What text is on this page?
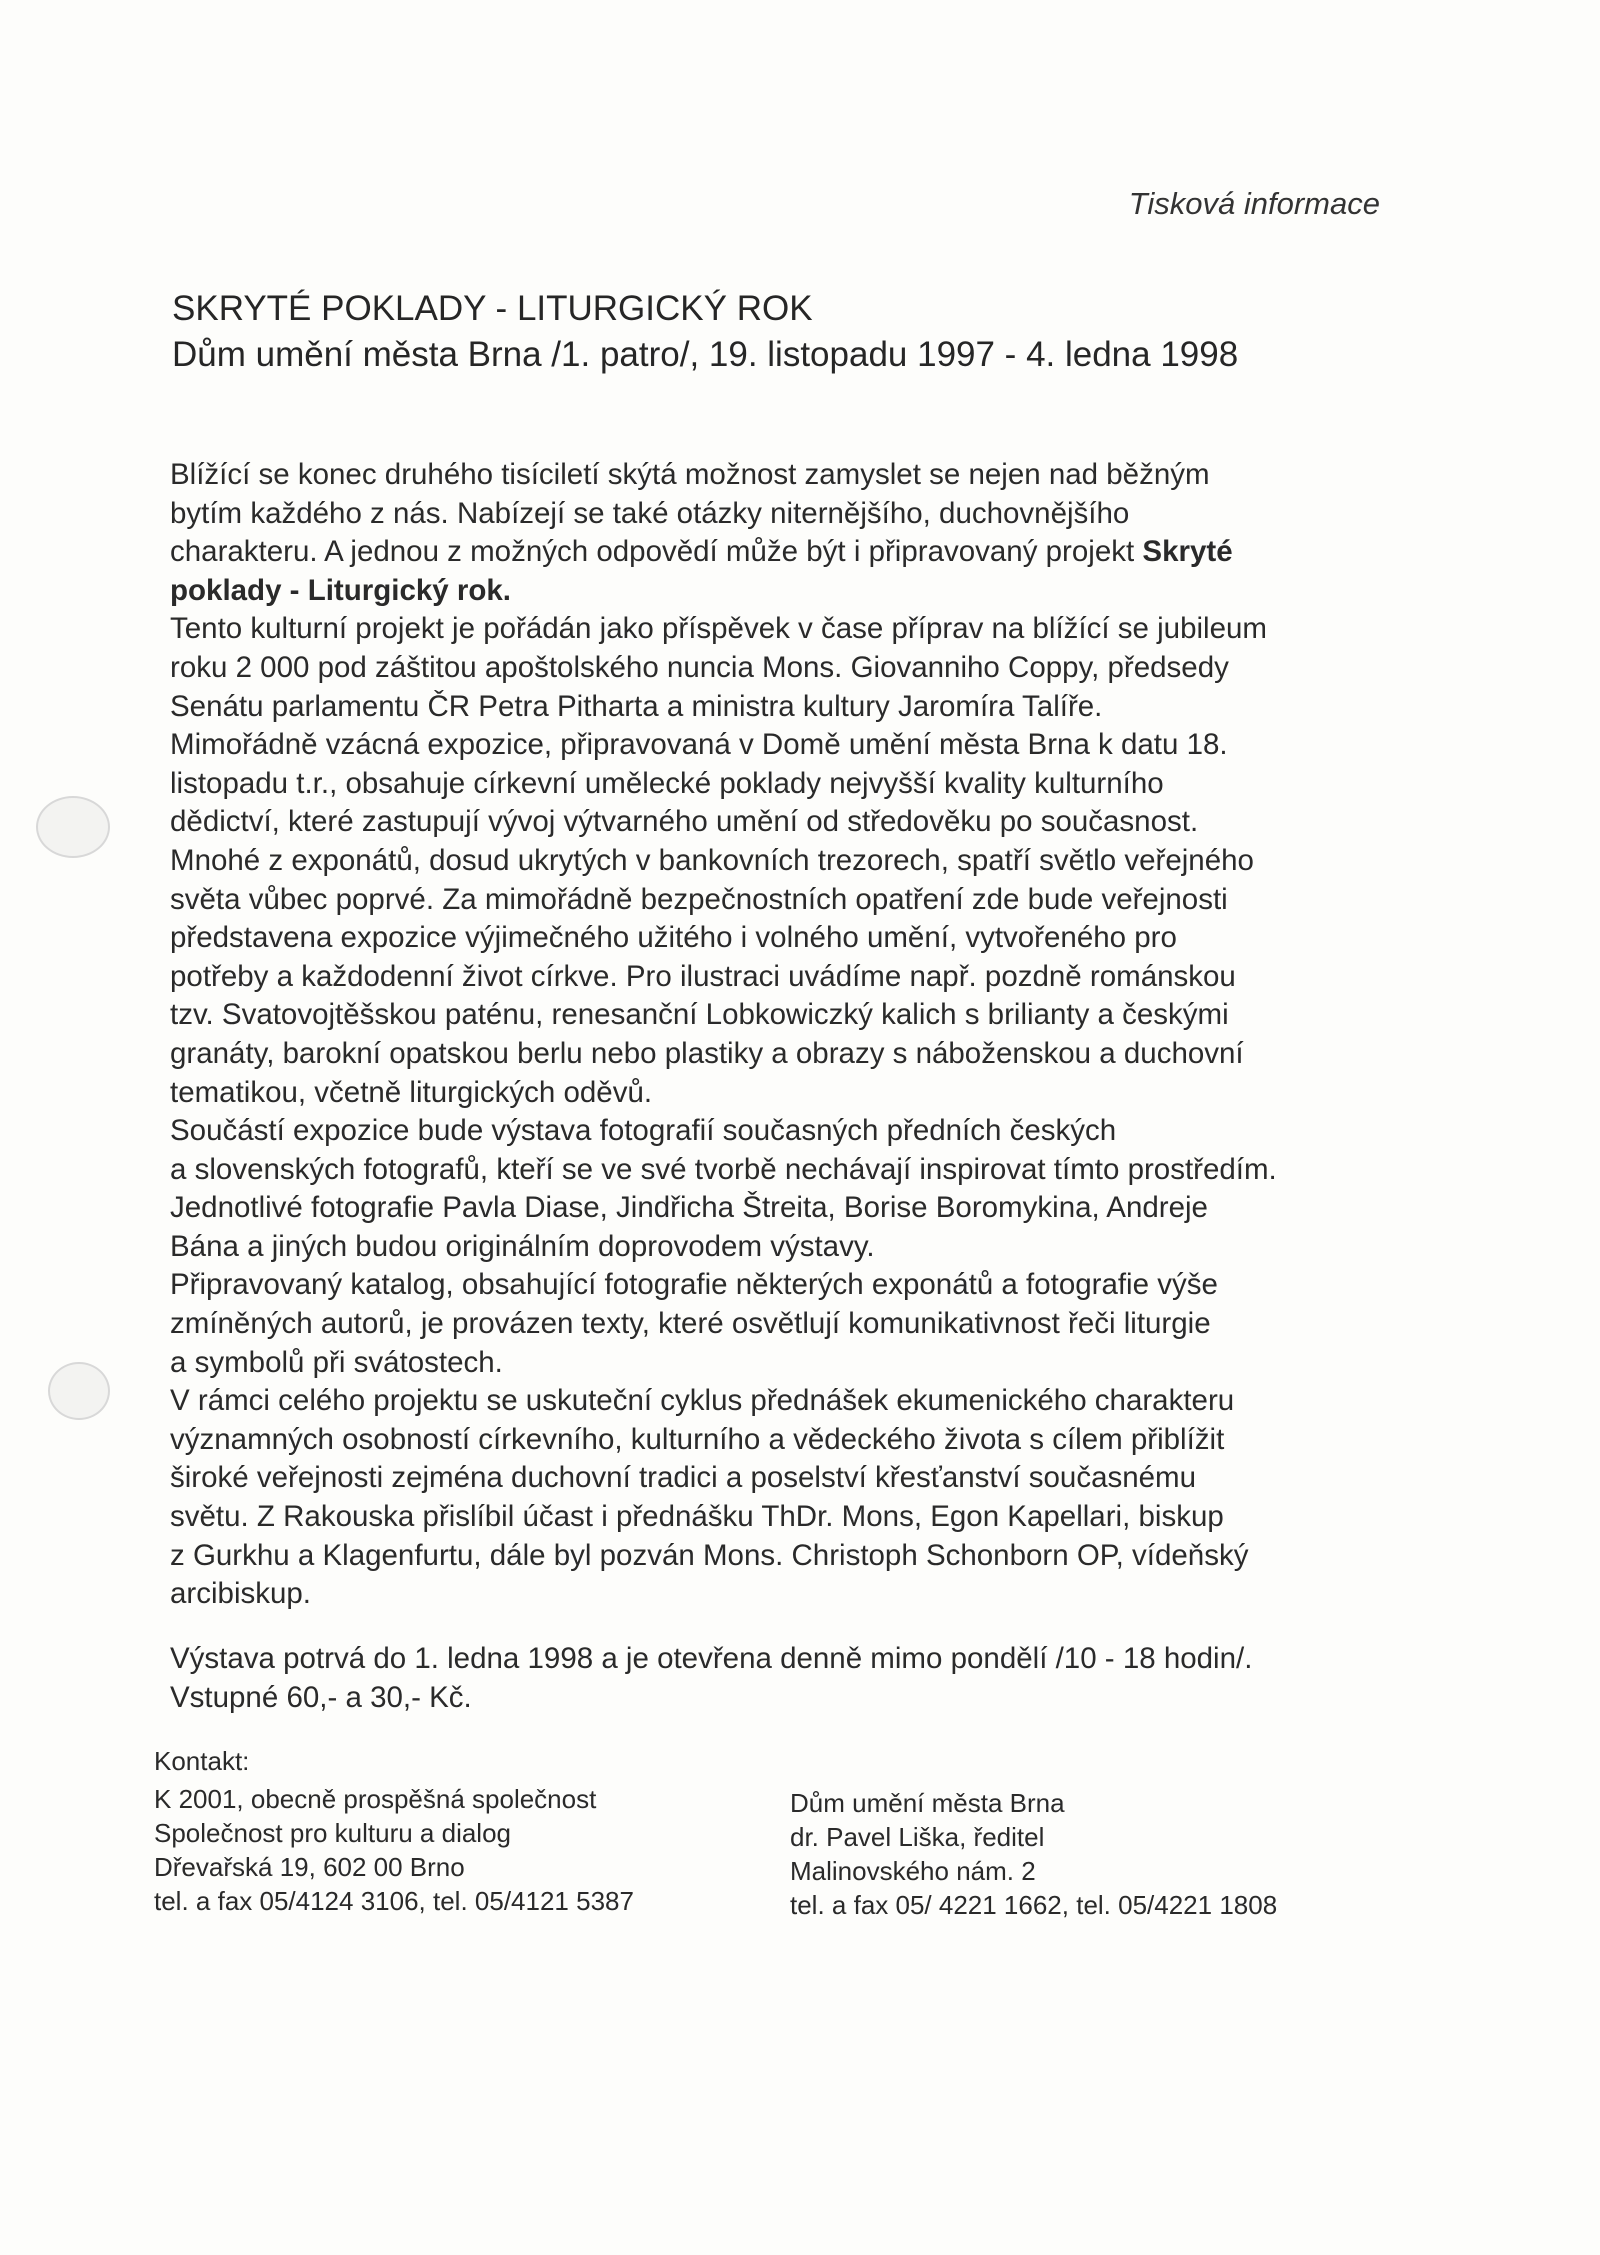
Tisková informace
SKRYTÉ POKLADY - LITURGICKÝ ROK
Dům umění města Brna /1. patro/, 19. listopadu 1997 - 4. ledna 1998
Blížící se konec druhého tisíciletí skýtá možnost zamyslet se nejen nad běžným
bytím každého z nás. Nabízejí se také otázky niternějšího, duchovnějšího
charakteru. A jednou z možných odpovědí může být i připravovaný projekt Skryté
poklady - Liturgický rok.
Tento kulturní projekt je pořádán jako příspěvek v čase příprav na blížící se jubileum
roku 2 000 pod záštitou apoštolského nuncia Mons. Giovanniho Coppy, předsedy
Senátu parlamentu ČR Petra Pitharta a ministra kultury Jaromíra Talíře.
Mimořádně vzácná expozice, připravovaná v Domě umění města Brna k datu 18.
listopadu t.r., obsahuje církevní umělecké poklady nejvyšší kvality kulturního
dědictví, které zastupují vývoj výtvarného umění od středověku po současnost.
Mnohé z exponátů, dosud ukrytých v bankovních trezorech, spatří světlo veřejného
světa vůbec poprvé. Za mimořádně bezpečnostních opatření zde bude veřejnosti
představena expozice výjimečného užitého i volného umění, vytvořeného pro
potřeby a každodenní život církve. Pro ilustraci uvádíme např. pozdně románskou
tzv. Svatovojtěšskou paténu, renesanční Lobkowiczký kalich s brilianty a českými
granáty, barokní opatskou berlu nebo plastiky a obrazy s náboženskou a duchovní
tematikou, včetně liturgických oděvů.
Součástí expozice bude výstava fotografií současných předních českých
a slovenských fotografů, kteří se ve své tvorbě nechávají inspirovat tímto prostředím.
Jednotlivé fotografie Pavla Diase, Jindřicha Štreita, Borise Boromykina, Andreje
Bána a jiných budou originálním doprovodem výstavy.
Připravovaný katalog, obsahující fotografie některých exponátů a fotografie výše
zmíněných autorů, je provázen texty, které osvětlují komunikativnost řeči liturgie
a symbolů při svátostech.
V rámci celého projektu se uskuteční cyklus přednášek ekumenického charakteru
významných osobností církevního, kulturního a vědeckého života s cílem přiblížit
široké veřejnosti zejména duchovní tradici a poselství křesťanství současnému
světu. Z Rakouska přislíbil účast i přednášku ThDr. Mons, Egon Kapellari, biskup
z Gurkhu a Klagenfurtu, dále byl pozván Mons. Christoph Schonborn OP, vídeňský
arcibiskup.
Výstava potrvá do 1. ledna 1998 a je otevřena denně mimo pondělí /10 - 18 hodin/.
Vstupné 60,- a 30,- Kč.
Kontakt:
K 2001, obecně prospěšná společnost
Společnost pro kulturu a dialog
Dřevařská 19, 602 00 Brno
tel. a fax 05/4124 3106, tel. 05/4121 5387
Dům umění města Brna
dr. Pavel Liška, ředitel
Malinovského nám. 2
tel. a fax 05/ 4221 1662, tel. 05/4221 1808
